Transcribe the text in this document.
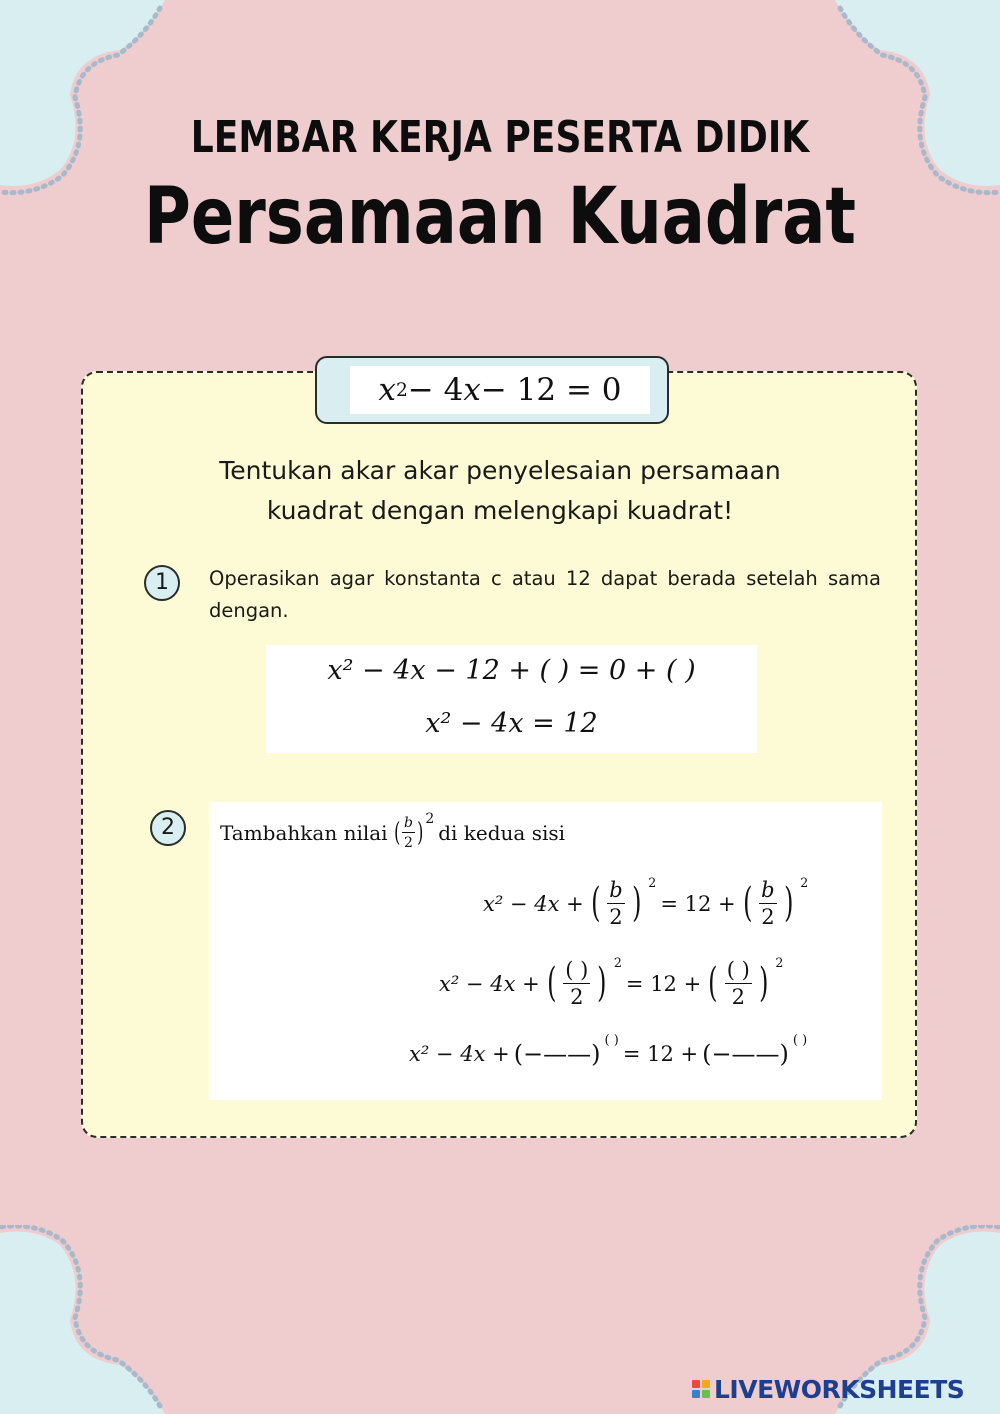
LEMBAR KERJA PESERTA DIDIK
Persamaan Kuadrat
x 2 − 4 x − 12 = 0
Tentukan akar akar penyelesaian persamaan
kuadrat dengan melengkapi kuadrat!
1	Operasikan agar konstanta c atau 12 dapat berada setelah sama dengan.
x² − 4x − 12 + ( ) = 0 + ( )
x² − 4x = 12
2	Tambahkan nilai ( $\frac{b}{2} )^2$
di kedua sisi
x² − 4x + ( $\frac{b}{2}$ ) $^2$
= 12 + ( $\frac{b}{2}$ ) $^2$
x² − 4x + ( $\frac{( )}{2}$ ) $^2$
= 12 + ( $\frac{( )}{2}$ ) $^2$
x² − 4x + (−——) ( )
= 12 + (−——) ( )
LIVEWORKSHEETS
